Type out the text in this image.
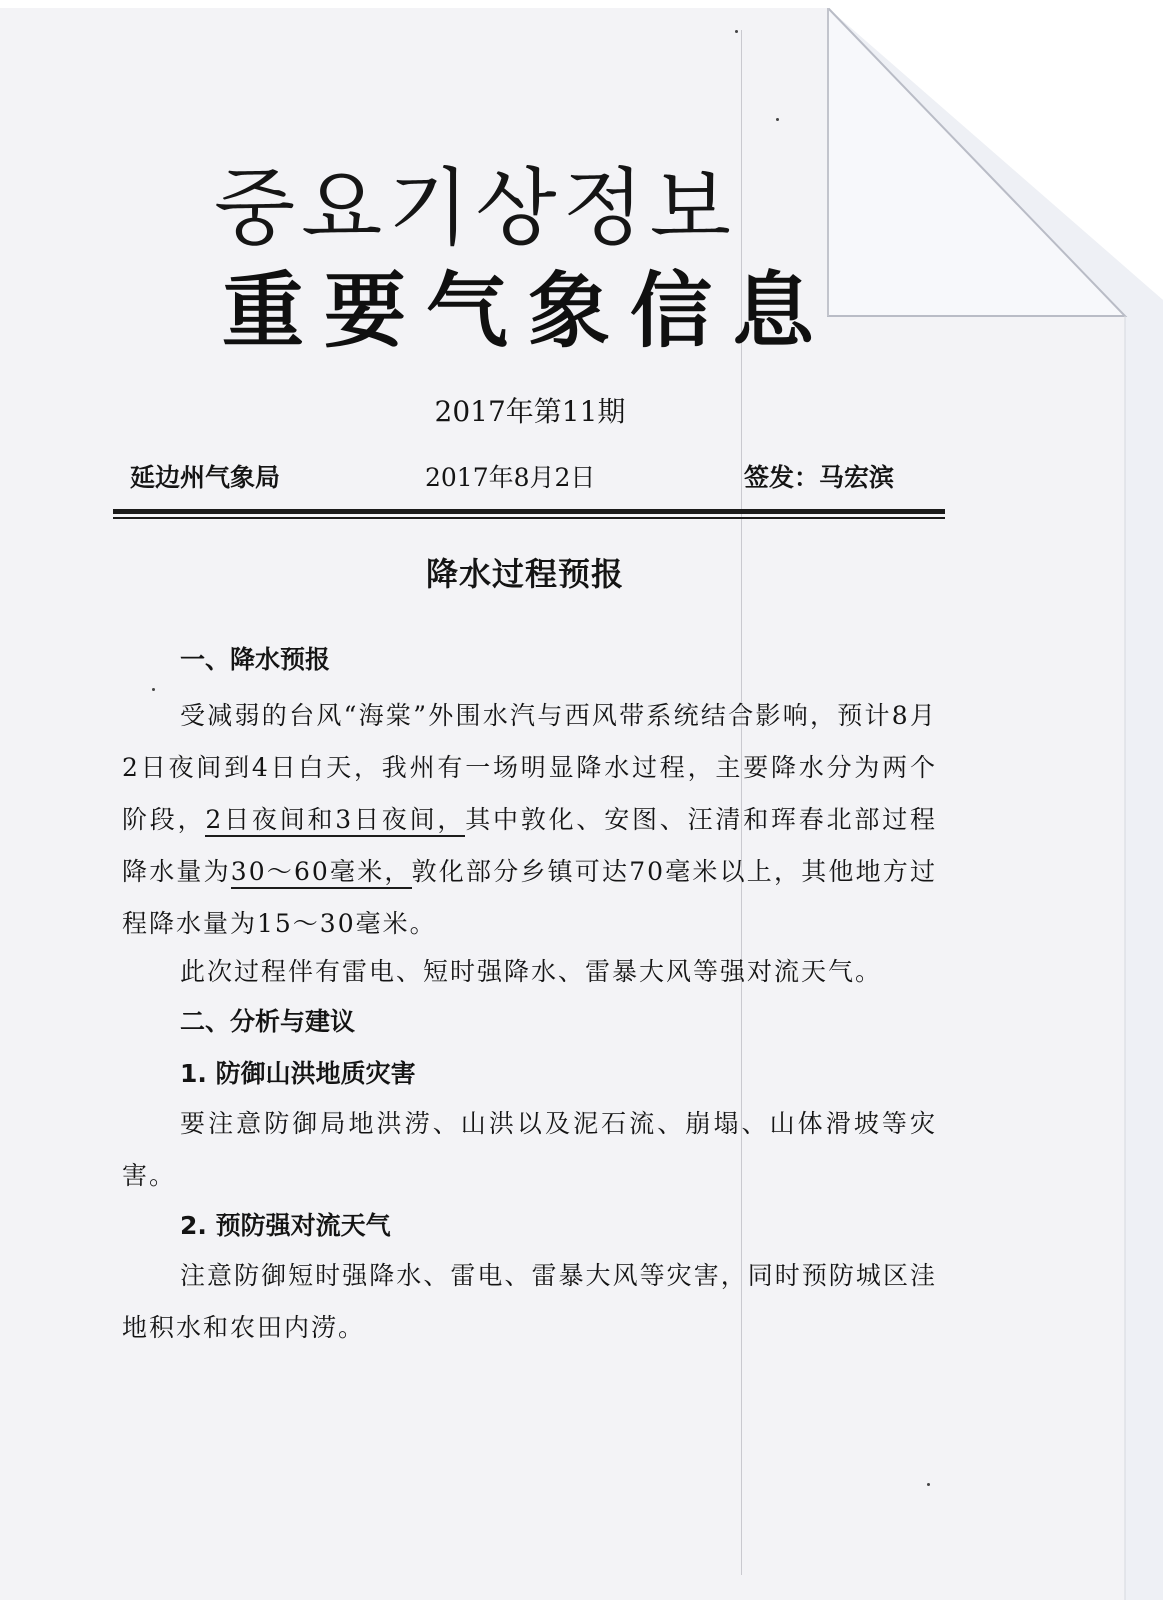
중요기상정보
重要气象信息
2017年第11期
延边州气象局	2017年8月2日	签发：马宏滨
降水过程预报
一、降水预报
受减弱的台风“海棠”外围水汽与西风带系统结合影响，预计8月2日夜间到4日白天，我州有一场明显降水过程，主要降水分为两个阶段，2日夜间和3日夜间，其中敦化、安图、汪清和珲春北部过程降水量为30～60毫米，敦化部分乡镇可达70毫米以上，其他地方过程降水量为15～30毫米。
此次过程伴有雷电、短时强降水、雷暴大风等强对流天气。
二、分析与建议
1. 防御山洪地质灾害
要注意防御局地洪涝、山洪以及泥石流、崩塌、山体滑坡等灾害。
2. 预防强对流天气
注意防御短时强降水、雷电、雷暴大风等灾害，同时预防城区洼地积水和农田内涝。
